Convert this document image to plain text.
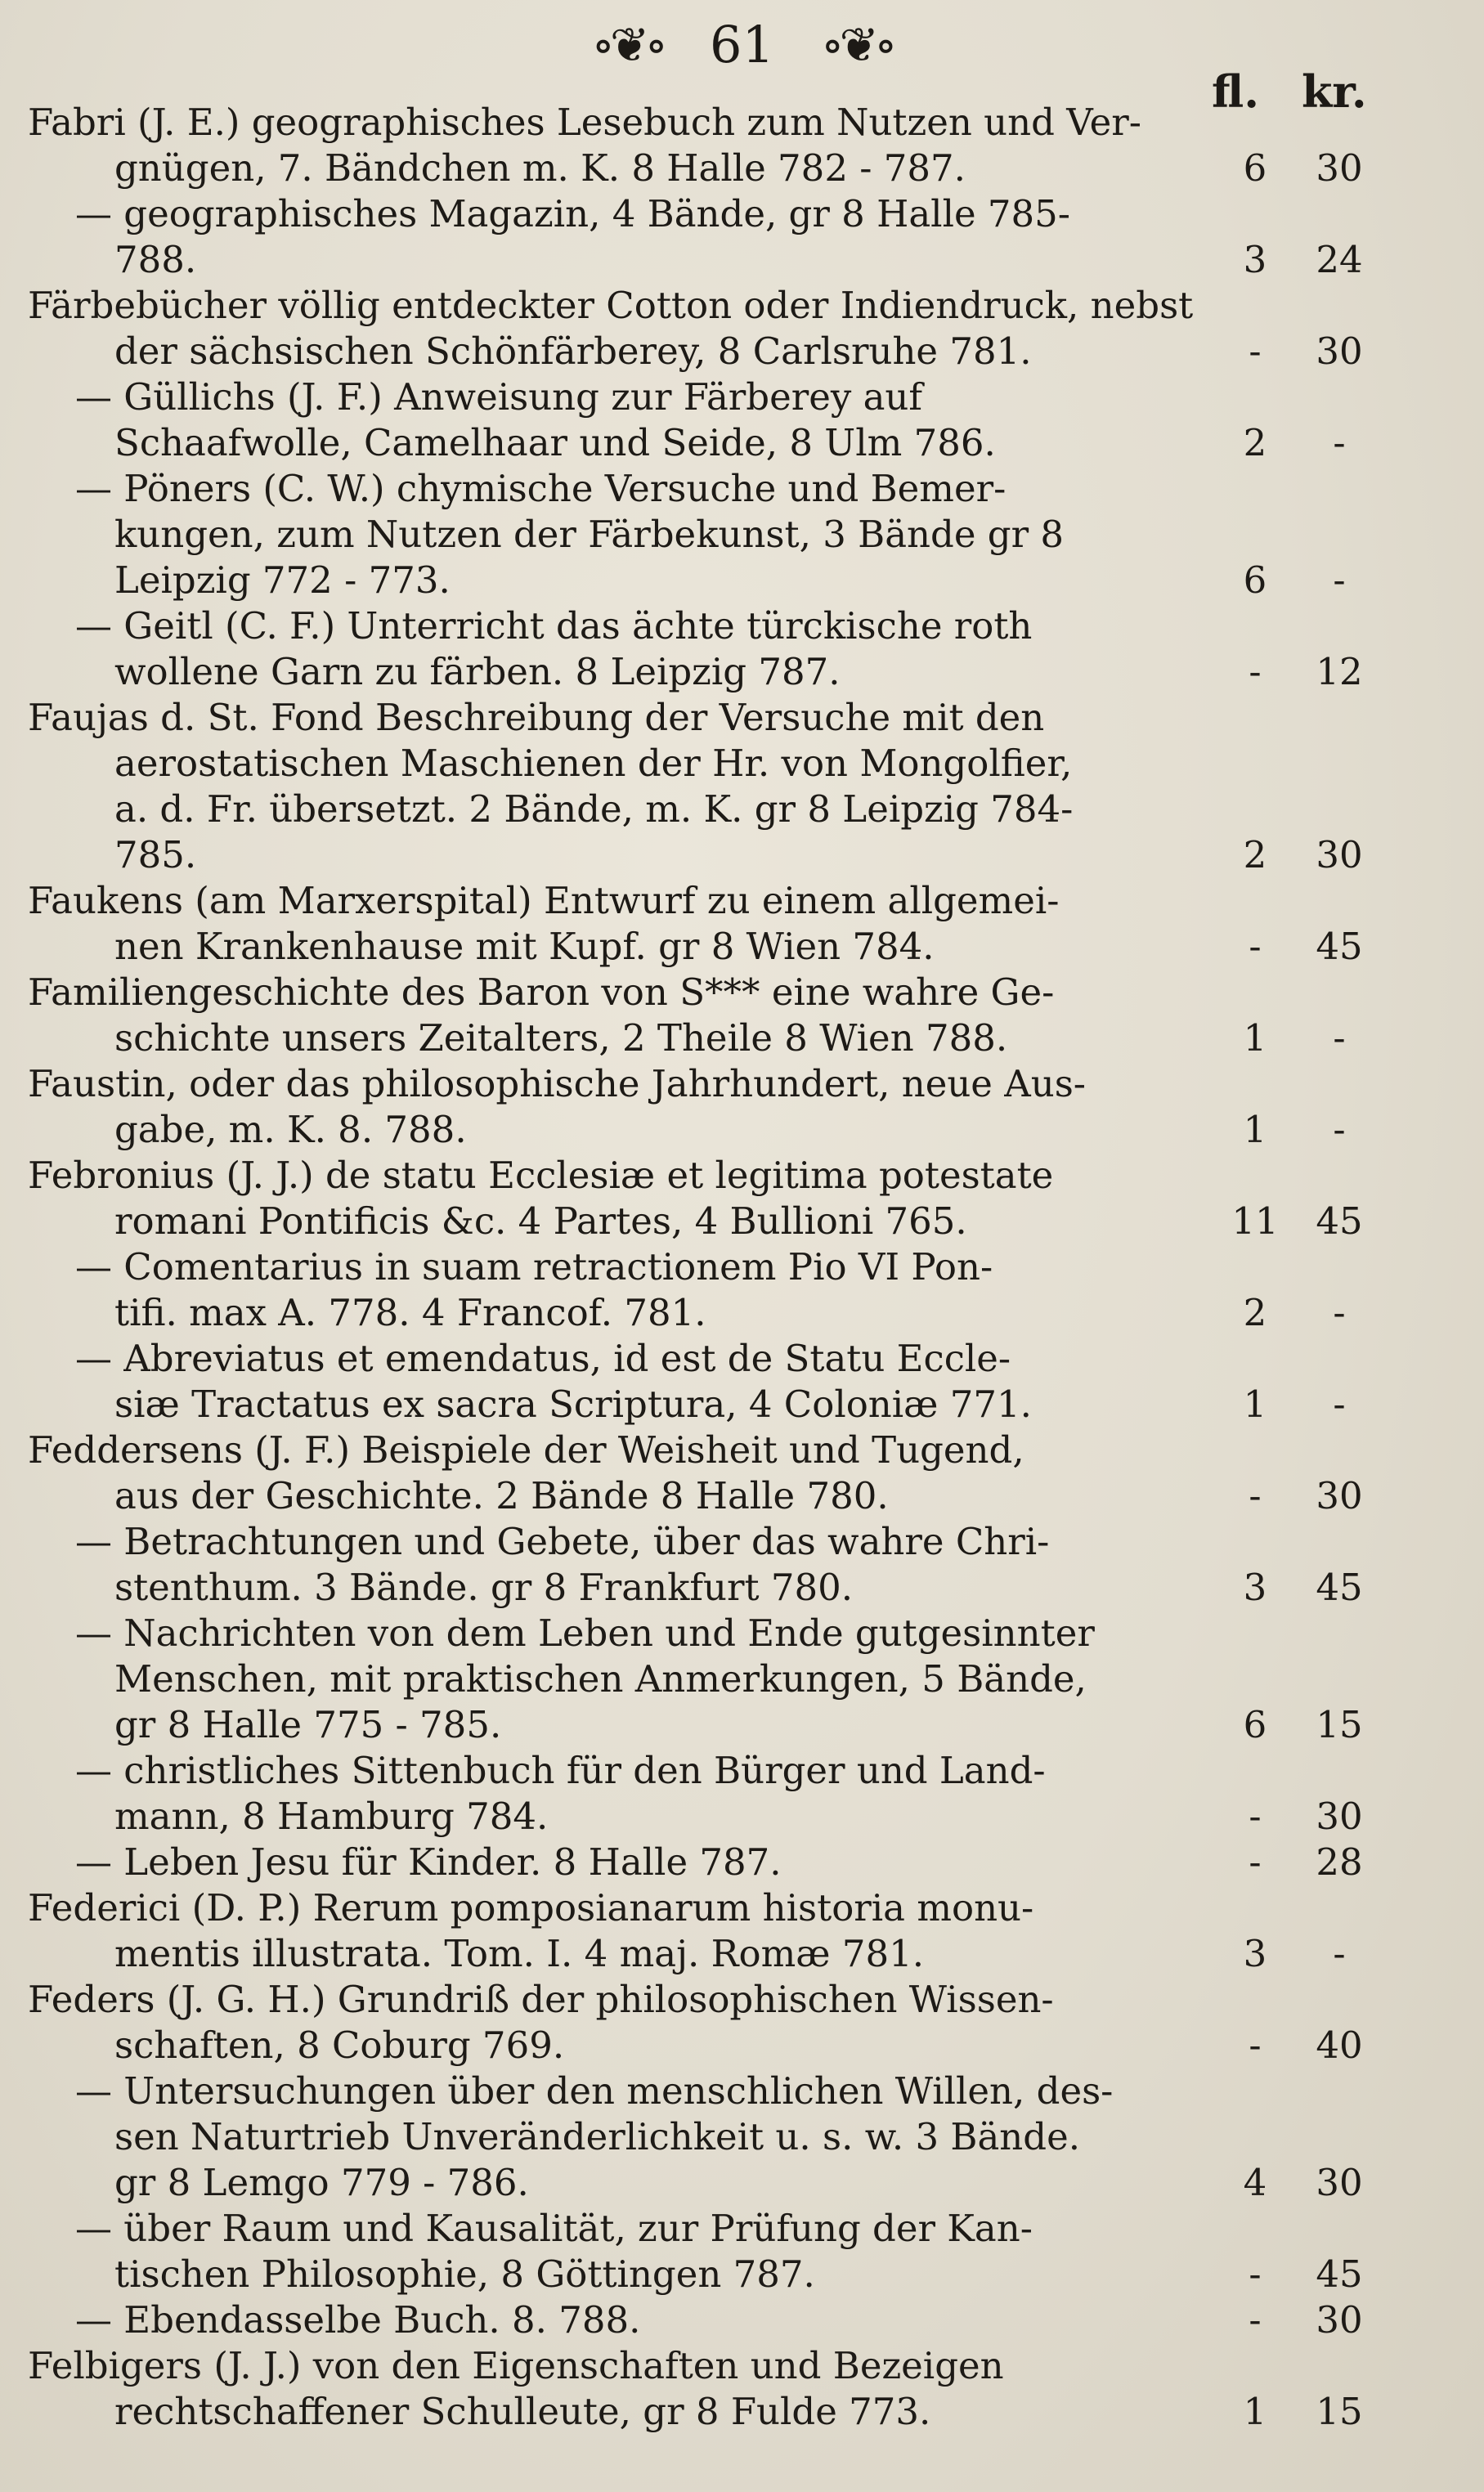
∘❦∘ 61 ∘❦∘
fl. kr.
Fabri (J. E.) geographisches Lesebuch zum Nutzen und Ver-
gnügen, 7. Bändchen m. K. 8 Halle 782 - 787.	6	30
— geographisches Magazin, 4 Bände, gr 8 Halle 785-
788.	3	24
Färbebücher völlig entdeckter Cotton oder Indiendruck, nebst
der sächsischen Schönfärberey, 8 Carlsruhe 781.	-	30
— Güllichs (J. F.) Anweisung zur Färberey auf
Schaafwolle, Camelhaar und Seide, 8 Ulm 786.	2	-
— Pöners (C. W.) chymische Versuche und Bemer-
kungen, zum Nutzen der Färbekunst, 3 Bände gr 8
Leipzig 772 - 773.	6	-
— Geitl (C. F.) Unterricht das ächte türckische roth
wollene Garn zu färben. 8 Leipzig 787.	-	12
Faujas d. St. Fond Beschreibung der Versuche mit den
aerostatischen Maschienen der Hr. von Mongolfier,
a. d. Fr. übersetzt. 2 Bände, m. K. gr 8 Leipzig 784-
785.	2	30
Faukens (am Marxerspital) Entwurf zu einem allgemei-
nen Krankenhause mit Kupf. gr 8 Wien 784.	-	45
Familiengeschichte des Baron von S*** eine wahre Ge-
schichte unsers Zeitalters, 2 Theile 8 Wien 788.	1	-
Faustin, oder das philosophische Jahrhundert, neue Aus-
gabe, m. K. 8. 788.	1	-
Febronius (J. J.) de statu Ecclesiæ et legitima potestate
romani Pontificis &c. 4 Partes, 4 Bullioni 765.	11 45
— Comentarius in suam retractionem Pio VI Pon-
tifi. max A. 778. 4 Francof. 781.	2	-
— Abreviatus et emendatus, id est de Statu Eccle-
siæ Tractatus ex sacra Scriptura, 4 Coloniæ 771.	1	-
Feddersens (J. F.) Beispiele der Weisheit und Tugend,
aus der Geschichte. 2 Bände 8 Halle 780.	-	30
— Betrachtungen und Gebete, über das wahre Chri-
stenthum. 3 Bände. gr 8 Frankfurt 780.	3	45
— Nachrichten von dem Leben und Ende gutgesinnter
Menschen, mit praktischen Anmerkungen, 5 Bände,
gr 8 Halle 775 - 785.	6	15
— christliches Sittenbuch für den Bürger und Land-
mann, 8 Hamburg 784.	-	30
— Leben Jesu für Kinder. 8 Halle 787.	-	28
Federici (D. P.) Rerum pomposianarum historia monu-
mentis illustrata. Tom. I. 4 maj. Romæ 781.	3	-
Feders (J. G. H.) Grundriß der philosophischen Wissen-
schaften, 8 Coburg 769.	-	40
— Untersuchungen über den menschlichen Willen, des-
sen Naturtrieb Unveränderlichkeit u. s. w. 3 Bände.
gr 8 Lemgo 779 - 786.	4	30
— über Raum und Kausalität, zur Prüfung der Kan-
tischen Philosophie, 8 Göttingen 787.	-	45
— Ebendasselbe Buch. 8. 788.	-	30
Felbigers (J. J.) von den Eigenschaften und Bezeigen
rechtschaffener Schulleute, gr 8 Fulde 773.	1	15
